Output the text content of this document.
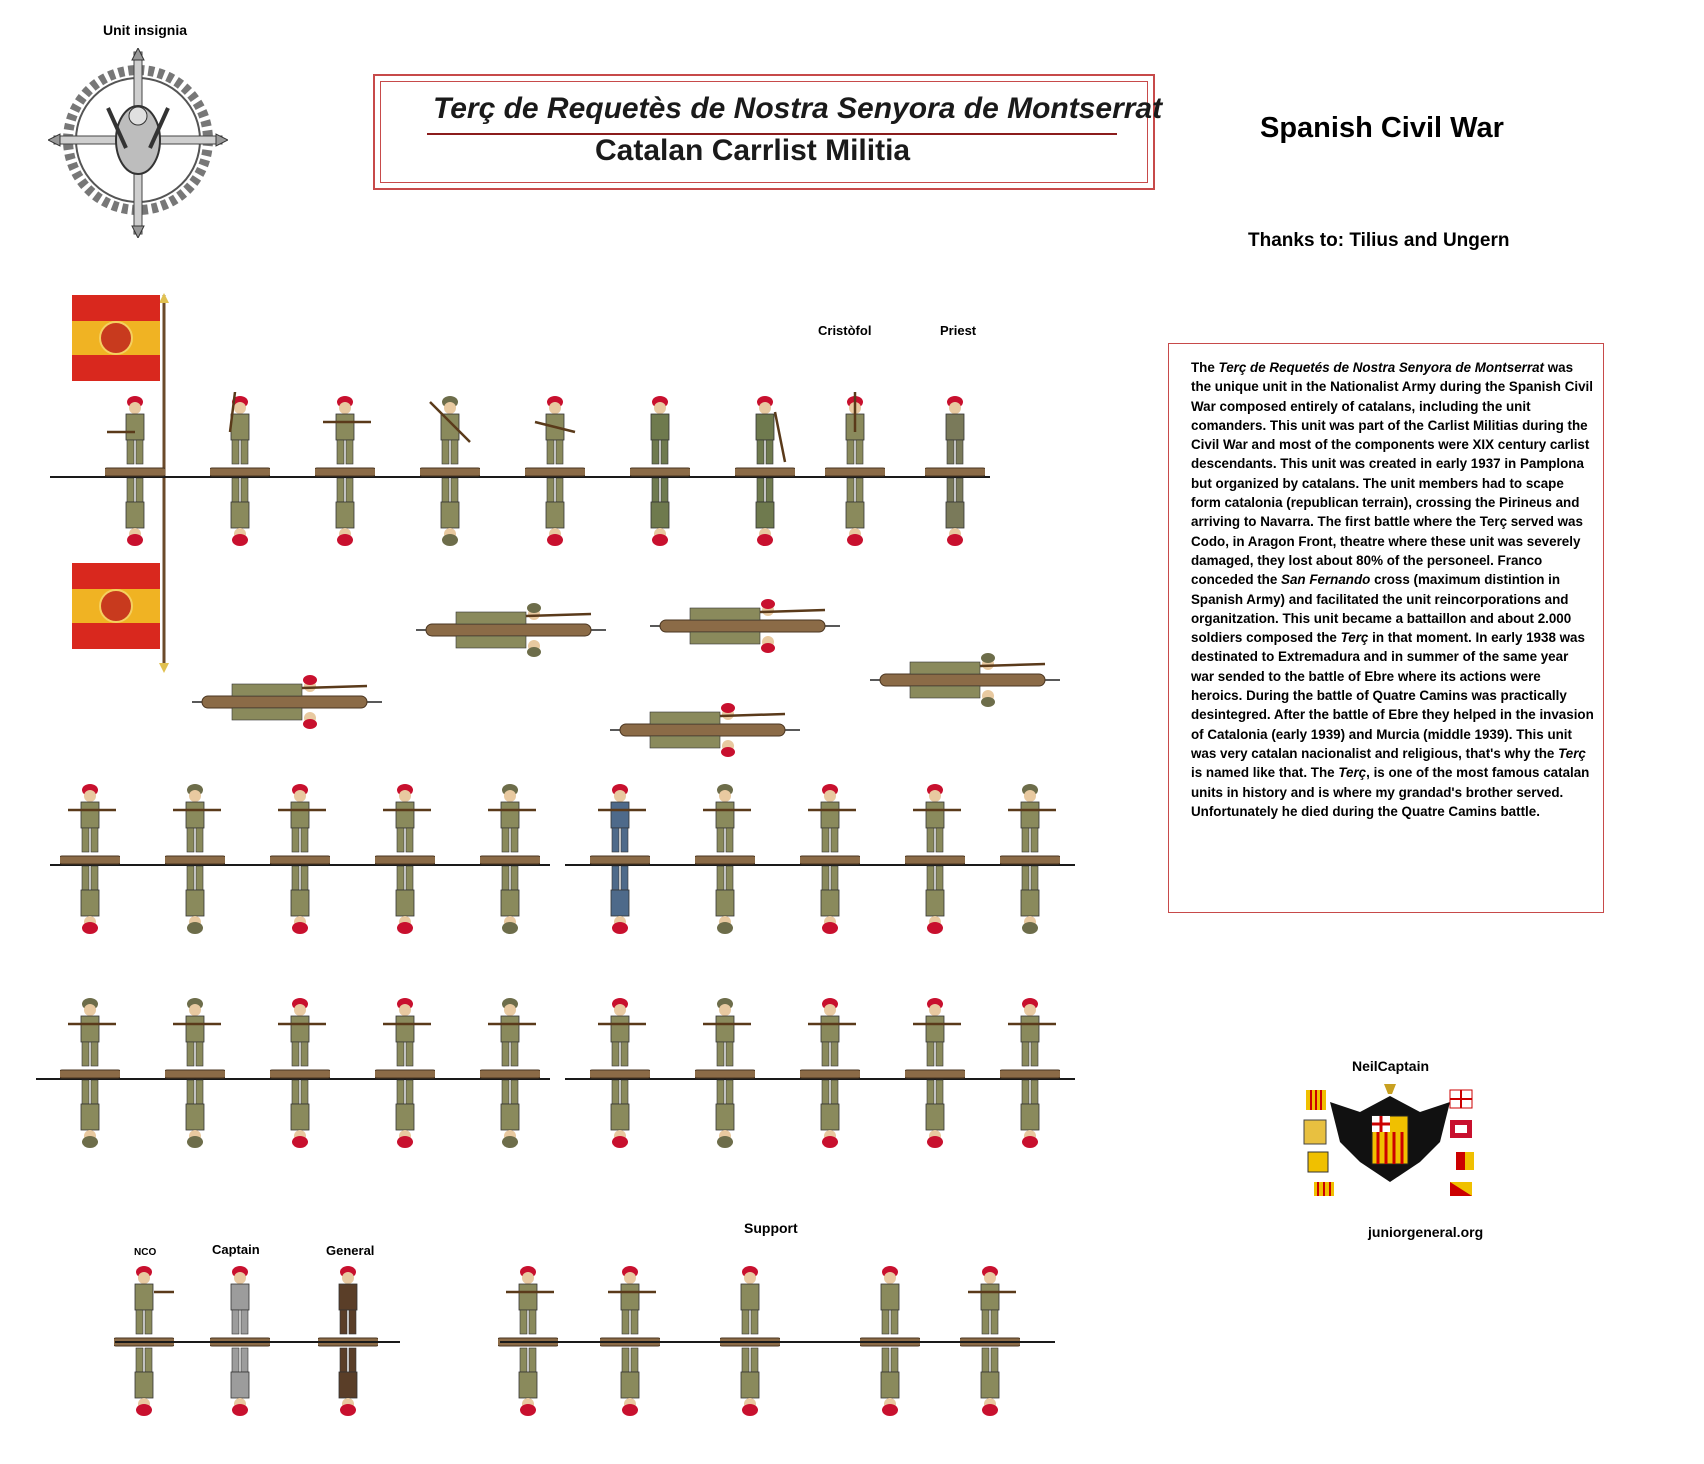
Unit insignia
Terç de Requetès de Nostra Senyora de Montserrat
Catalan Carrlist Militia
Spanish Civil War
Thanks to: Tilius and Ungern
Cristòfol	Priest
NCO	Captain	General
Support
The Terç de Requetés de Nostra Senyora de Montserrat was the unique unit in the Nationalist Army during the Spanish Civil War composed entirely of catalans, including the unit comanders. This unit was part of the Carlist Militias during the Civil War and most of the components were XIX century carlist descendants. This unit was created in early 1937 in Pamplona but organized by catalans. The unit members had to scape form catalonia (republican terrain), crossing the Pirineus and arriving to Navarra. The first battle where the Terç served was Codo, in Aragon Front, theatre where these unit was severely damaged, they lost about 80% of the personeel. Franco conceded the San Fernando cross (maximum distintion in Spanish Army) and facilitated the unit reincorporations and organitzation. This unit became a battaillon and about 2.000 soldiers composed the Terç in that moment. In early 1938 was destinated to Extremadura and in summer of the same year war sended to the battle of Ebre where its actions were heroics. During the battle of Quatre Camins was practically desintegred. After the battle of Ebre they helped in the invasion of Catalonia (early 1939) and Murcia (middle 1939). This unit was very catalan nacionalist and religious, that's why the Terç is named like that. The Terç, is one of the most famous catalan units in history and is where my grandad's brother served. Unfortunately he died during the Quatre Camins battle.
NeilCaptain
juniorgeneral.org
